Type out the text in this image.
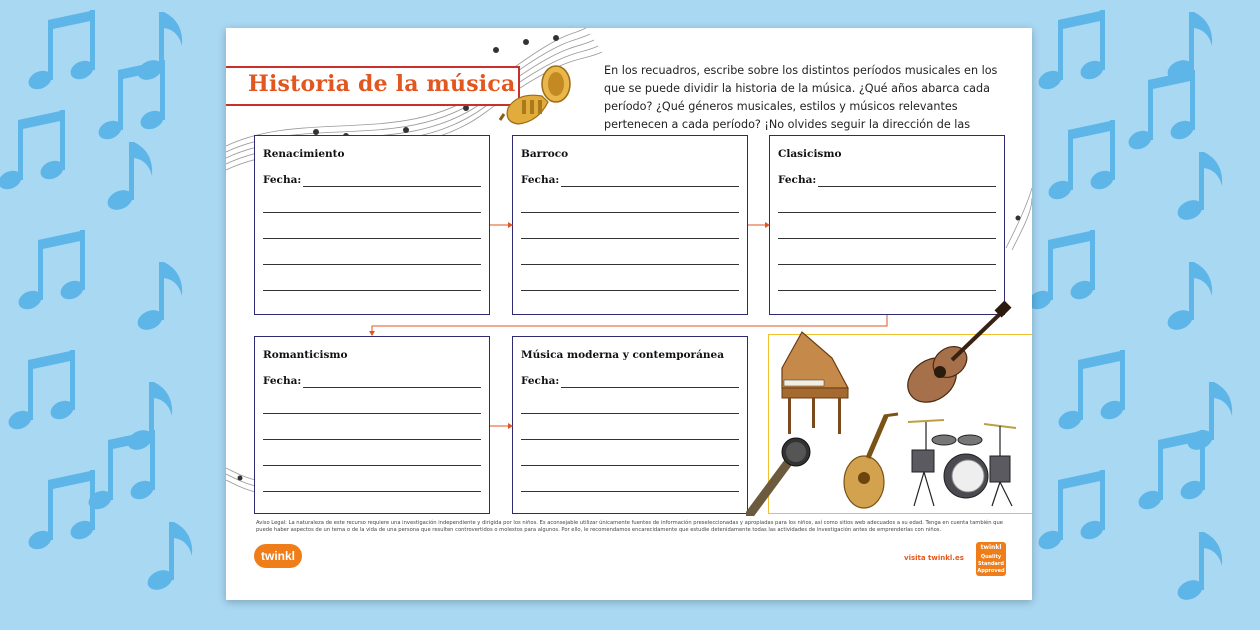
Historia de la música
En los recuadros, escribe sobre los distintos períodos musicales en los que se puede dividir la historia de la música. ¿Qué años abarca cada período? ¿Qué géneros musicales, estilos y músicos relevantes pertenecen a cada período? ¡No olvides seguir la dirección de las
Renacimiento
Fecha:
Barroco
Fecha:
Clasicismo
Fecha:
Romanticismo
Fecha:
Música moderna y contemporánea
Fecha:
Aviso Legal: La naturaleza de este recurso requiere una investigación independiente y dirigida por los niños. Es aconsejable utilizar únicamente fuentes de información preseleccionadas y apropiadas para los niños, así como sitios web adecuados a su edad. Tenga en cuenta también que puede haber aspectos de un tema o de la vida de una persona que resulten controvertidos o molestos para algunos. Por ello, le recomendamos encarecidamente que estudie detenidamente todas las actividades de investigación antes de emprenderlas con niños.
twinkl	visita twinkl.es
twinkl
Quality Standard Approved
